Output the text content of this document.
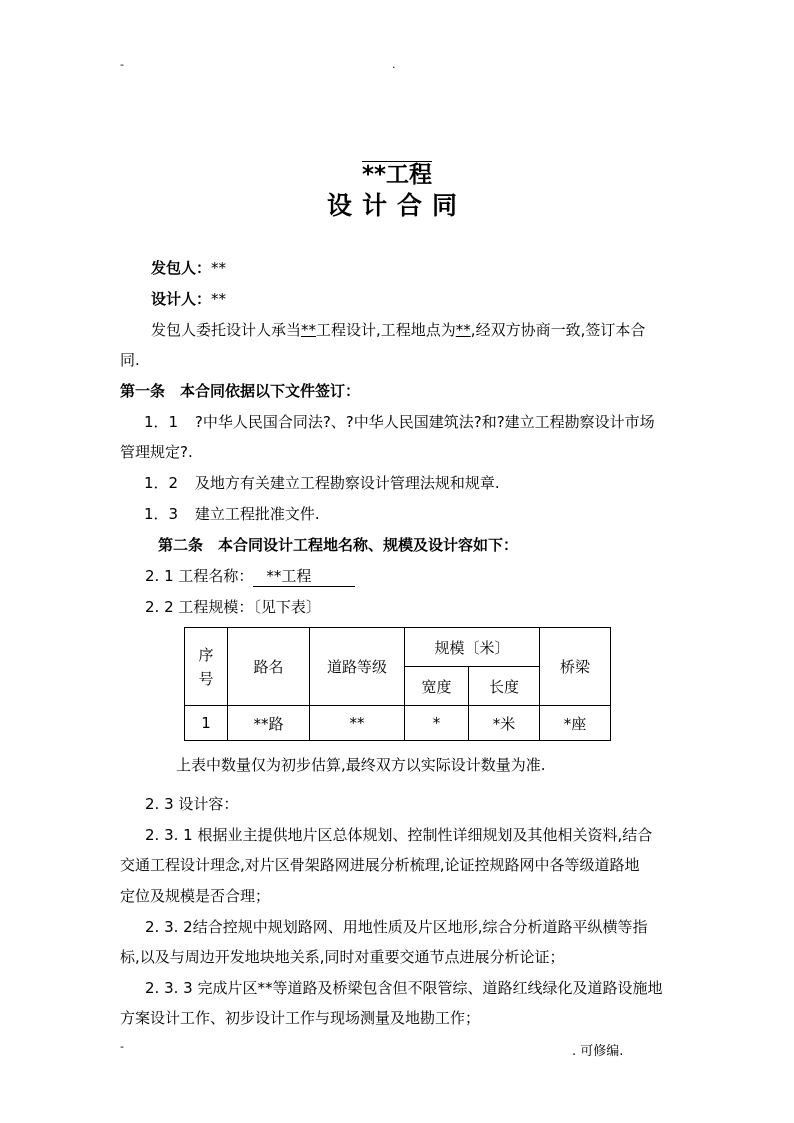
-	.
**工程
设计合同
发包人：**
设计人：**
发包人委托设计人承当**工程设计,工程地点为**,经双方协商一致,签订本合
同.
第一条　本合同依据以下文件签订：
1．1 ?中华人民国合同法?、?中华人民国建筑法?和?建立工程勘察设计市场
管理规定?.
1．2 及地方有关建立工程勘察设计管理法规和规章.
1．3 建立工程批准文件.
第二条　本合同设计工程地名称、规模及设计容如下：
2. 1 工程名称： **工程
2. 2 工程规模：〔见下表〕
序
号	路名	道路等级	规模〔米〕		桥梁
			宽度	长度	
1	**路	**	*	*米	*座
上表中数量仅为初步估算,最终双方以实际设计数量为准.
2. 3 设计容：
2. 3. 1 根据业主提供地片区总体规划、控制性详细规划及其他相关资料,结合
交通工程设计理念,对片区骨架路网进展分析梳理,论证控规路网中各等级道路地
定位及规模是否合理；
2. 3. 2结合控规中规划路网、用地性质及片区地形,综合分析道路平纵横等指
标,以及与周边开发地块地关系,同时对重要交通节点进展分析论证；
2. 3. 3 完成片区**等道路及桥梁包含但不限管综、道路红线绿化及道路设施地
方案设计工作、初步设计工作与现场测量及地勘工作；
-	. 可修编.
